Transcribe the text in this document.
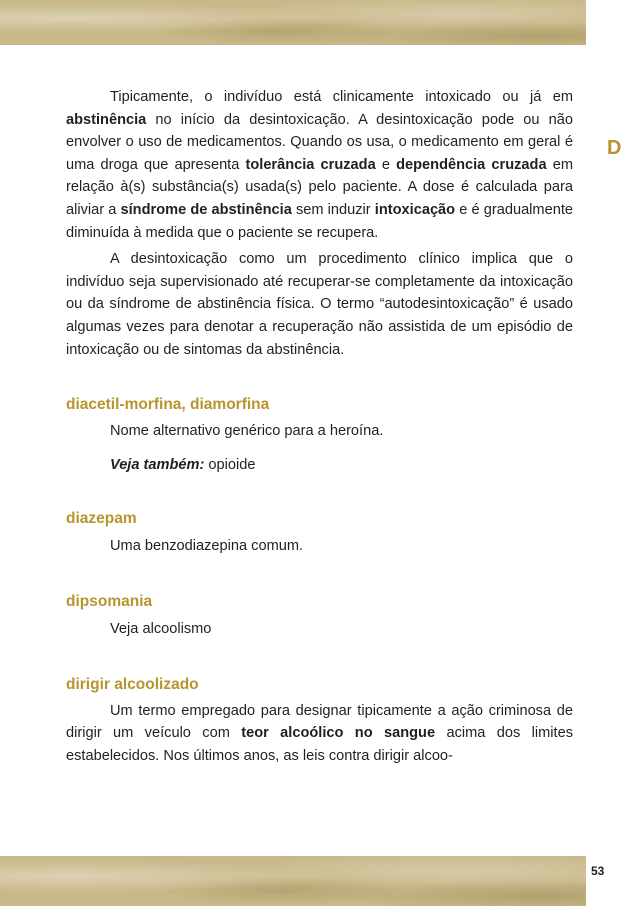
D

Tipicamente, o indivíduo está clinicamente intoxicado ou já em abstinência no início da desintoxicação. A desintoxicação pode ou não envolver o uso de medicamentos. Quando os usa, o medicamento em geral é uma droga que apresenta tolerância cruzada e dependência cruzada em relação à(s) substância(s) usada(s) pelo paciente. A dose é calculada para aliviar a síndrome de abstinência sem induzir intoxicação e é gradualmente diminuída à medida que o paciente se recupera.

A desintoxicação como um procedimento clínico implica que o indivíduo seja supervisionado até recuperar-se completamente da intoxicação ou da síndrome de abstinência física. O termo “autodesintoxicação” é usado algumas vezes para denotar a recuperação não assistida de um episódio de intoxicação ou de sintomas da abstinência.

diacetil-morfina, diamorfina

Nome alternativo genérico para a heroína.

Veja também: opioide

diazepam

Uma benzodiazepina comum.

dipsomania

Veja alcoolismo

dirigir alcoolizado

Um termo empregado para designar tipicamente a ação criminosa de dirigir um veículo com teor alcoólico no sangue acima dos limites estabelecidos. Nos últimos anos, as leis contra dirigir alcoo-

53
